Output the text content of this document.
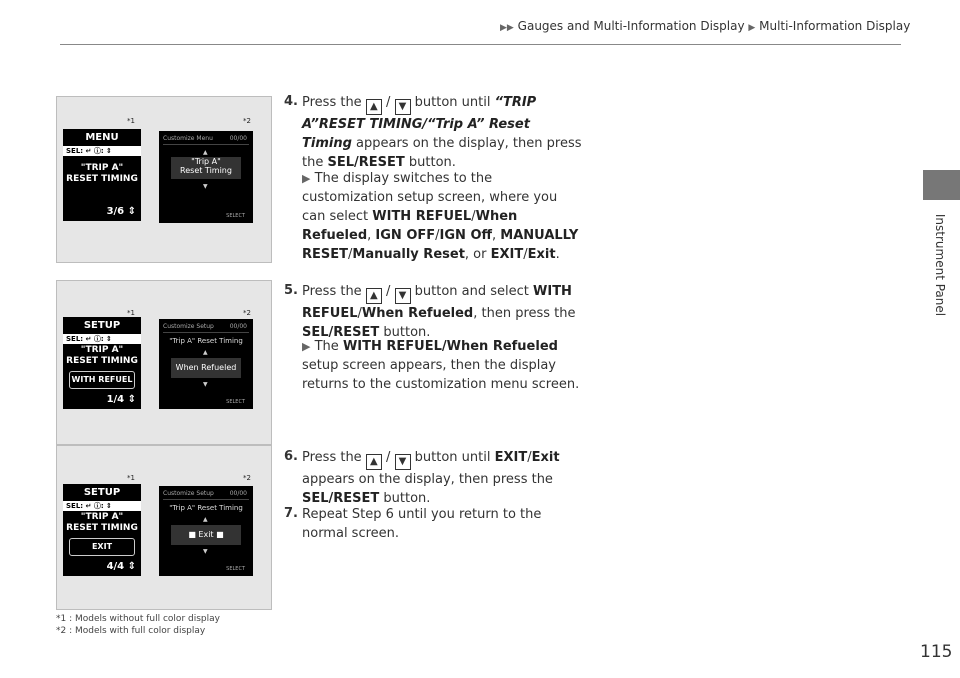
▶▶ Gauges and Multi-Information Display ▶ Multi-Information Display
Instrument Panel
*1	*2
MENU
SEL: ↵ ⓘ: ⇕
"TRIP A"
RESET TIMING
3/6 ⇕
Customize Menu	00/00
▲
"Trip A"
Reset Timing
▼
SELECT
*1	*2
SETUP
SEL: ↵ ⓘ: ⇕
"TRIP A"
RESET TIMING
WITH REFUEL
1/4 ⇕
Customize Setup	00/00
"Trip A" Reset Timing
▲
When Refueled
▼
SELECT
*1	*2
SETUP
SEL: ↵ ⓘ: ⇕
"TRIP A"
RESET TIMING
EXIT
4/4 ⇕
Customize Setup	00/00
"Trip A" Reset Timing
▲
■ Exit ■
▼
SELECT
4. Press the ▲ / ▼ button until “TRIP A”RESET TIMING/“Trip A” Reset Timing appears on the display, then press the SEL/RESET button.
▶ The display switches to the customization setup screen, where you can select WITH REFUEL/When Refueled, IGN OFF/IGN Off, MANUALLY RESET/Manually Reset, or EXIT/Exit.
5. Press the ▲ / ▼ button and select WITH REFUEL/When Refueled, then press the SEL/RESET button.
▶ The WITH REFUEL/When Refueled setup screen appears, then the display returns to the customization menu screen.
6. Press the ▲ / ▼ button until EXIT/Exit appears on the display, then press the SEL/RESET button.
7. Repeat Step 6 until you return to the normal screen.
*1 : Models without full color display
*2 : Models with full color display
115
